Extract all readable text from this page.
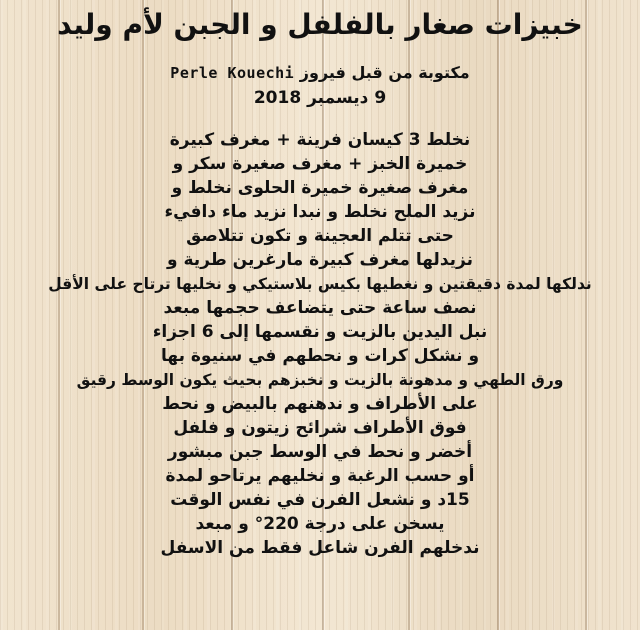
خبيزات صغار بالفلفل و الجبن لأم وليد
مكتوبة من قبل فيروز Perle Kouechi
9 ديسمبر 2018
نخلط 3 كيسان فرينة + مغرف كبيرة
خميرة الخبز + مغرف صغيرة سكر و
مغرف صغيرة خميرة الحلوى نخلط و
نزيد الملح نخلط و نبدا نزيد ماء دافيء
حتى تتلم العجينة و تكون تتلاصق
نزيدلها مغرف كبيرة مارغرين طرية و
ندلكها لمدة دقيقتين و نغطيها بكيس بلاستيكي و نخليها ترتاح على الأقل
نصف ساعة حتى يتضاعف حجمها مبعد
نبل اليدين بالزيت و نقسمها إلى 6 اجزاء
و نشكل كرات و نحطهم في سنيوة بها
ورق الطهي و مدهونة بالزيت و نخبزهم بحيث يكون الوسط رقيق
على الأطراف و ندهنهم بالبيض و نحط
فوق الأطراف شرائح زيتون و فلفل
أخضر و نحط في الوسط جبن مبشور
أو حسب الرغبة و نخليهم يرتاحو لمدة
15د و نشعل الفرن في نفس الوقت
يسخن على درجة 220° و مبعد
ندخلهم الفرن شاعل فقط من الاسفل
